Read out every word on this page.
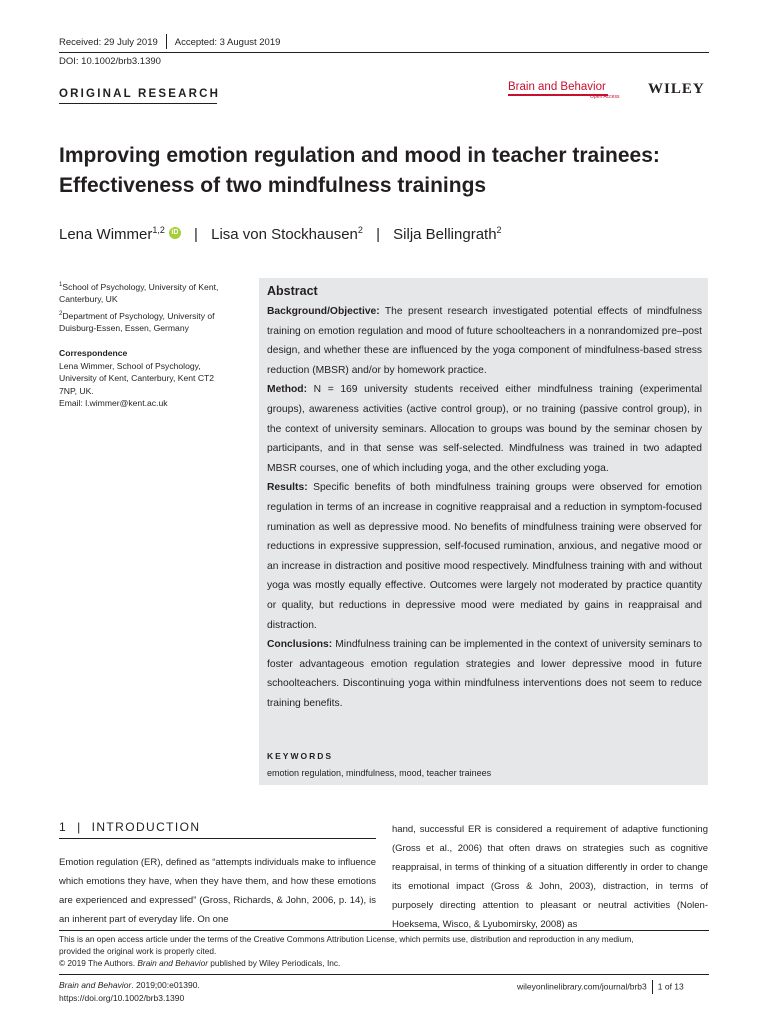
Received: 29 July 2019 Accepted: 3 August 2019
DOI: 10.1002/brb3.1390
ORIGINAL RESEARCH
Brain and Behavior
Open Access WILEY
Improving emotion regulation and mood in teacher trainees:
Effectiveness of two mindfulness trainings
Lena Wimmer$^{1,2}$ iD | Lisa von Stockhausen$^2$ | Silja Bellingrath$^2$
$^1$School of Psychology, University of Kent,
Canterbury, UK
$^2$Department of Psychology, University of
Duisburg-Essen, Essen, Germany
Correspondence
Lena Wimmer, School of Psychology,
University of Kent, Canterbury, Kent CT2
7NP, UK.
Email: l.wimmer@kent.ac.uk
Abstract

Background/Objective: The present research investigated potential effects of mindfulness training on emotion regulation and mood of future schoolteachers in a nonrandomized pre–post design, and whether these are influenced by the yoga component of mindfulness-based stress reduction (MBSR) and/or by homework practice.

Method: N = 169 university students received either mindfulness training (experimental groups), awareness activities (active control group), or no training (passive control group), in the context of university seminars. Allocation to groups was bound by the seminar chosen by participants, and in that sense was self-selected. Mindfulness was trained in two adapted MBSR courses, one of which including yoga, and the other excluding yoga.

Results: Specific benefits of both mindfulness training groups were observed for emotion regulation in terms of an increase in cognitive reappraisal and a reduction in symptom-focused rumination as well as depressive mood. No benefits of mindfulness training were observed for reductions in expressive suppression, self-focused rumination, anxious, and negative mood or an increase in distraction and positive mood respectively. Mindfulness training with and without yoga was mostly equally effective. Outcomes were largely not moderated by practice quantity or quality, but reductions in depressive mood were mediated by gains in reappraisal and distraction.

Conclusions: Mindfulness training can be implemented in the context of university seminars to foster advantageous emotion regulation strategies and lower depressive mood in future schoolteachers. Discontinuing yoga within mindfulness interventions does not seem to reduce training benefits.

KEYWORDS
emotion regulation, mindfulness, mood, teacher trainees
1 | INTRODUCTION
Emotion regulation (ER), defined as “attempts individuals make to influence which emotions they have, when they have them, and how these emotions are experienced and expressed” (Gross, Richards, & John, 2006, p. 14), is an inherent part of everyday life. On one
hand, successful ER is considered a requirement of adaptive functioning (Gross et al., 2006) that often draws on strategies such as cognitive reappraisal, in terms of thinking of a situation differently in order to change its emotional impact (Gross & John, 2003), distraction, in terms of purposely directing attention to pleasant or neutral activities (Nolen-Hoeksema, Wisco, & Lyubomirsky, 2008) as
This is an open access article under the terms of the Creative Commons Attribution License, which permits use, distribution and reproduction in any medium,
provided the original work is properly cited.
© 2019 The Authors. Brain and Behavior published by Wiley Periodicals, Inc.
Brain and Behavior. 2019;00:e01390.
https://doi.org/10.1002/brb3.1390
wileyonlinelibrary.com/journal/brb3 1 of 13
